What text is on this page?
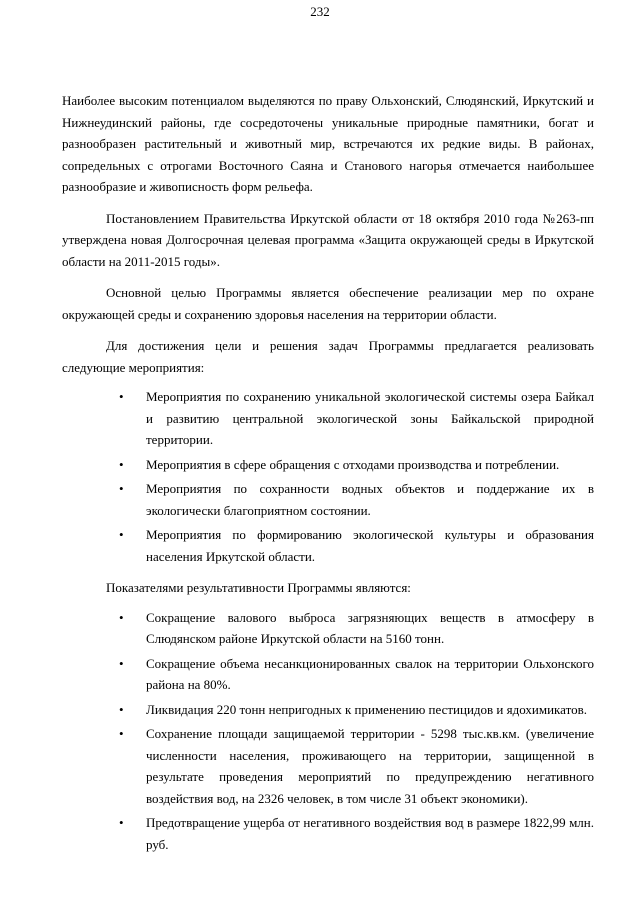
232

Наиболее высоким потенциалом выделяются по праву Ольхонский, Слюдянский, Иркутский и Нижнеудинский районы, где сосредоточены уникальные природные памятники, богат и разнообразен растительный и животный мир, встречаются их редкие виды. В районах, сопредельных с отрогами Восточного Саяна и Станового нагорья отмечается наибольшее разнообразие и живописность форм рельефа.

Постановлением Правительства Иркутской области от 18 октября 2010 года №263-пп утверждена новая Долгосрочная целевая программа «Защита окружающей среды в Иркутской области на 2011-2015 годы».

Основной целью Программы является обеспечение реализации мер по охране окружающей среды и сохранению здоровья населения на территории области.

Для достижения цели и решения задач Программы предлагается реализовать следующие мероприятия:

• Мероприятия по сохранению уникальной экологической системы озера Байкал и развитию центральной экологической зоны Байкальской природной территории.
• Мероприятия в сфере обращения с отходами производства и потреблении.
• Мероприятия по сохранности водных объектов и поддержание их в экологически благоприятном состоянии.
• Мероприятия по формированию экологической культуры и образования населения Иркутской области.

Показателями результативности Программы являются:

• Сокращение валового выброса загрязняющих веществ в атмосферу в Слюдянском районе Иркутской области на 5160 тонн.
• Сокращение объема несанкционированных свалок на территории Ольхонского района на 80%.
• Ликвидация 220 тонн непригодных к применению пестицидов и ядохимикатов.
• Сохранение площади защищаемой территории - 5298 тыс.кв.км. (увеличение численности населения, проживающего на территории, защищенной в результате проведения мероприятий по предупреждению негативного воздействия вод, на 2326 человек, в том числе 31 объект экономики).
• Предотвращение ущерба от негативного воздействия вод в размере 1822,99 млн. руб.
